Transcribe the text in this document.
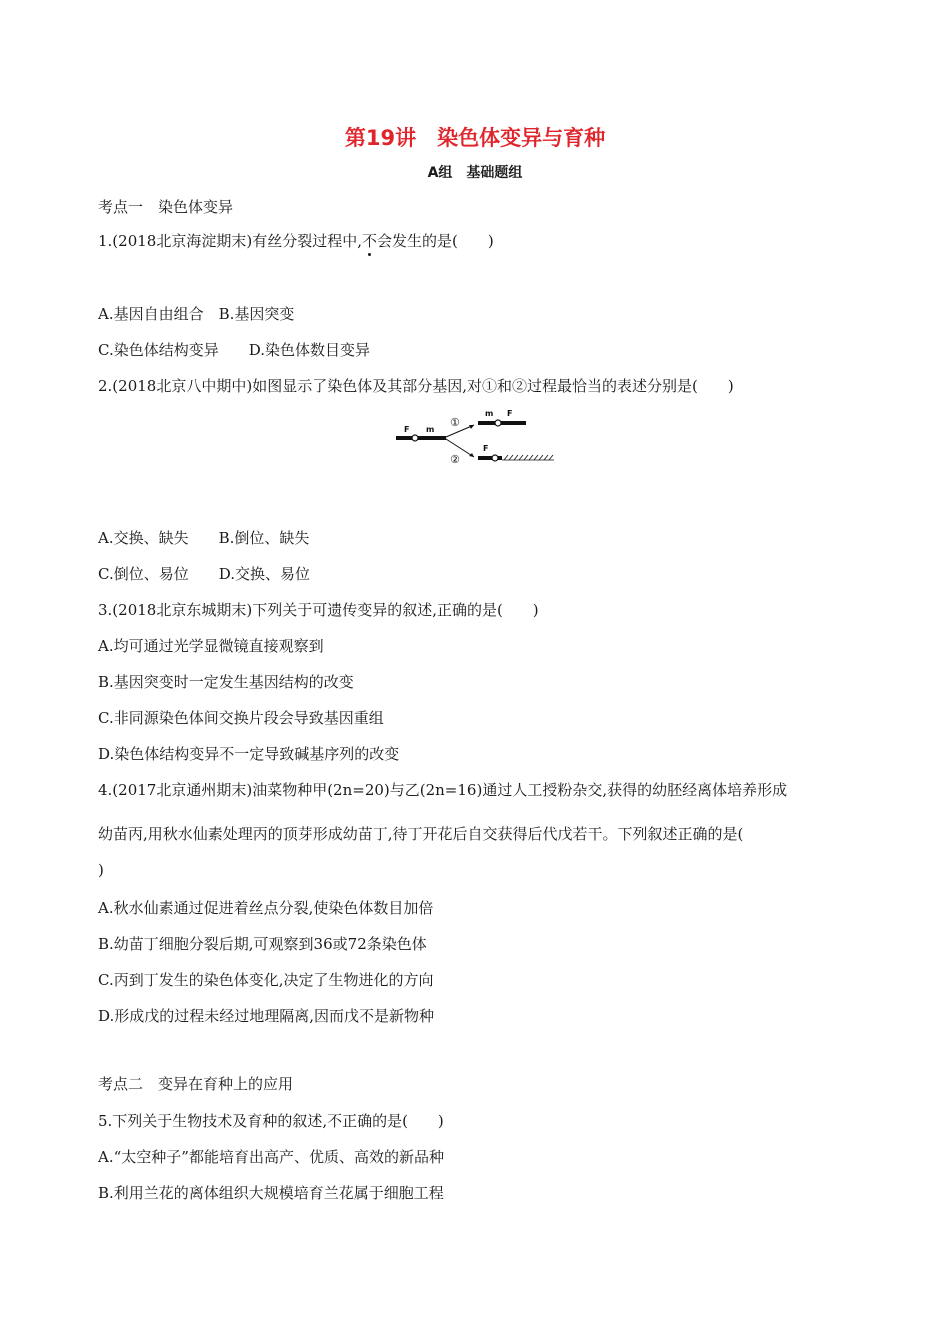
第19讲　染色体变异与育种
A组　基础题组
考点一　染色体变异
1.(2018北京海淀期末)有丝分裂过程中,不会发生的是(　　)
A.基因自由组合 B.基因突变
C.染色体结构变异 D.染色体数目变异
2.(2018北京八中期中)如图显示了染色体及其部分基因,对①和②过程最恰当的表述分别是(　　)
F m
①
②
m F
F
A.交换、缺失 B.倒位、缺失
C.倒位、易位 D.交换、易位
3.(2018北京东城期末)下列关于可遗传变异的叙述,正确的是(　　)
A.均可通过光学显微镜直接观察到
B.基因突变时一定发生基因结构的改变
C.非同源染色体间交换片段会导致基因重组
D.染色体结构变异不一定导致碱基序列的改变
4.(2017北京通州期末)油菜物种甲(2n=20)与乙(2n=16)通过人工授粉杂交,获得的幼胚经离体培养形成
幼苗丙,用秋水仙素处理丙的顶芽形成幼苗丁,待丁开花后自交获得后代戊若干。下列叙述正确的是(
)
A.秋水仙素通过促进着丝点分裂,使染色体数目加倍
B.幼苗丁细胞分裂后期,可观察到36或72条染色体
C.丙到丁发生的染色体变化,决定了生物进化的方向
D.形成戊的过程未经过地理隔离,因而戊不是新物种
考点二　变异在育种上的应用
5.下列关于生物技术及育种的叙述,不正确的是(　　)
A.“太空种子”都能培育出高产、优质、高效的新品种
B.利用兰花的离体组织大规模培育兰花属于细胞工程
